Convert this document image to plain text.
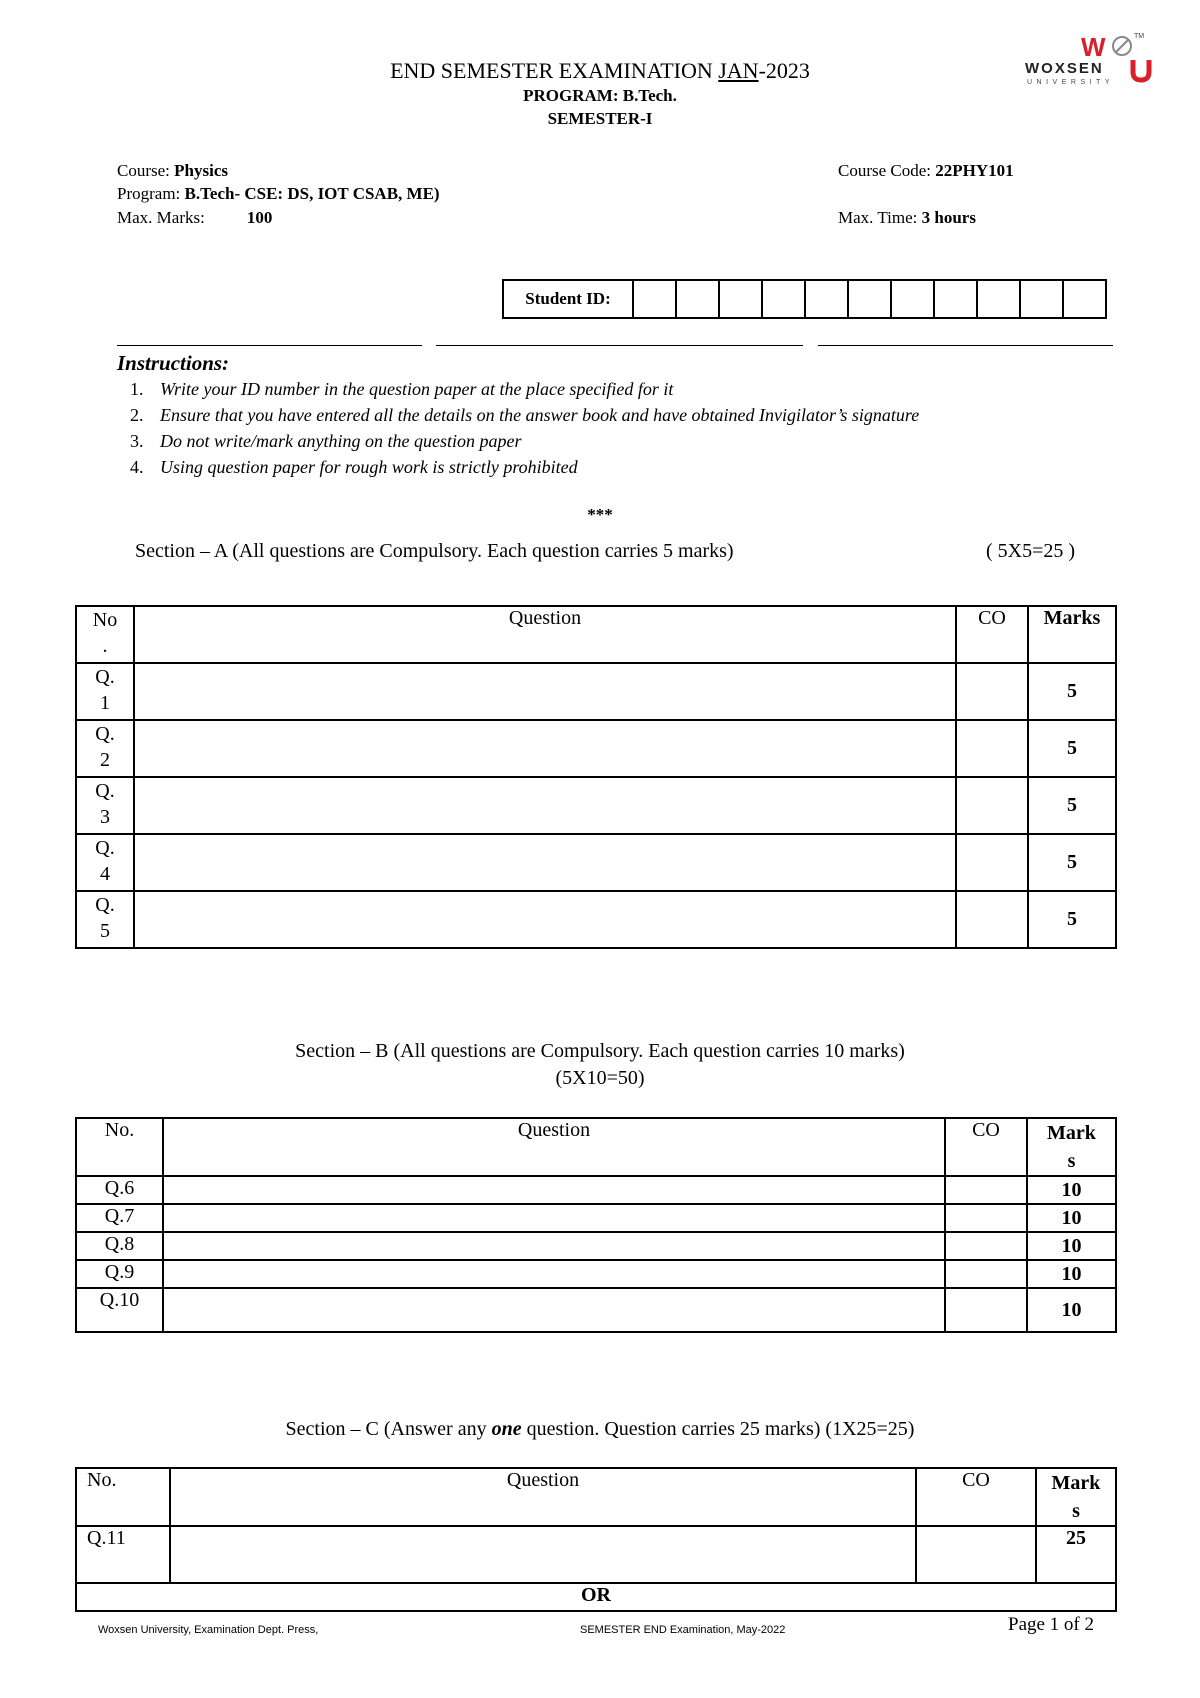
W	TM
WOXSEN
UNIVERSITY
END SEMESTER EXAMINATION JAN-2023
PROGRAM: B.Tech.
SEMESTER-I
Course: Physics	Course Code: 22PHY101
Program: B.Tech- CSE: DS, IOT CSAB, ME)
Max. Marks: 100	Max. Time: 3 hours
Student ID:											
Instructions:
1. Write your ID number in the question paper at the place specified for it
2. Ensure that you have entered all the details on the answer book and have obtained Invigilator’s signature
3. Do not write/mark anything on the question paper
4. Using question paper for rough work is strictly prohibited
***
Section – A (All questions are Compulsory. Each question carries 5 marks)	( 5X5=25 )
No
.	Question	CO	Marks
Q.
1			5
Q.
2			5
Q.
3			5
Q.
4			5
Q.
5			5
Section – B (All questions are Compulsory. Each question carries 10 marks)
(5X10=50)
No.	Question	CO	Mark
s
Q.6			10
Q.7			10
Q.8			10
Q.9			10
Q.10			10
Section – C (Answer any one question. Question carries 25 marks) (1X25=25)
No.	Question	CO	Mark
s
Q.11			25
OR			
Woxsen University, Examination Dept. Press,	SEMESTER END Examination, May-2022	Page 1 of 2
